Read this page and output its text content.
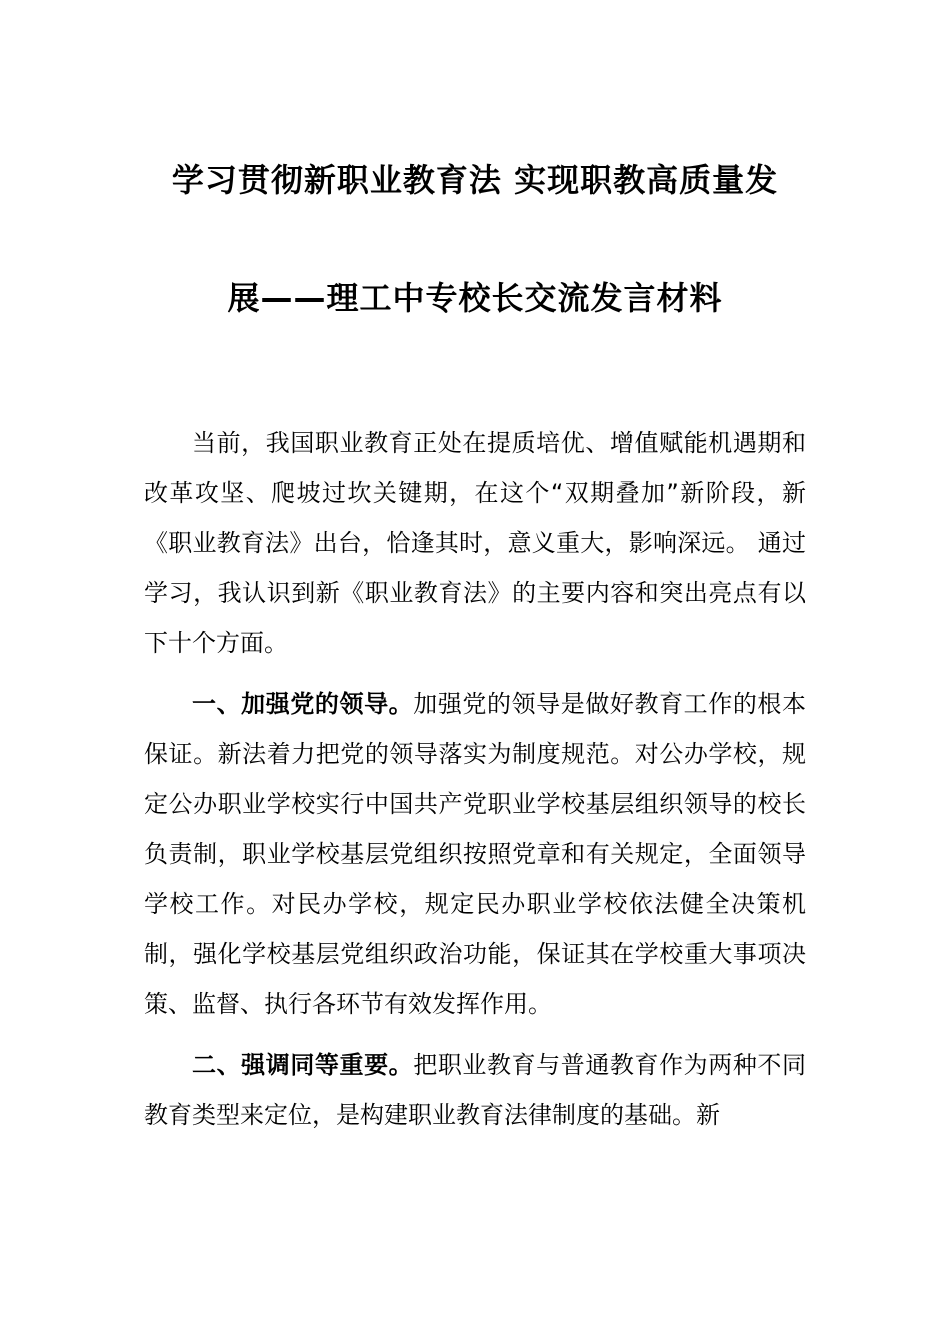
学习贯彻新职业教育法 实现职教高质量发
展——理工中专校长交流发言材料

当前，我国职业教育正处在提质培优、增值赋能机遇期和改革攻坚、爬坡过坎关键期，在这个“双期叠加”新阶段，新《职业教育法》出台，恰逢其时，意义重大，影响深远。 通过学习，我认识到新《职业教育法》的主要内容和突出亮点有以下十个方面。

一、加强党的领导。加强党的领导是做好教育工作的根本保证。新法着力把党的领导落实为制度规范。对公办学校，规定公办职业学校实行中国共产党职业学校基层组织领导的校长负责制，职业学校基层党组织按照党章和有关规定，全面领导学校工作。对民办学校，规定民办职业学校依法健全决策机制，强化学校基层党组织政治功能，保证其在学校重大事项决策、监督、执行各环节有效发挥作用。

二、强调同等重要。把职业教育与普通教育作为两种不同教育类型来定位，是构建职业教育法律制度的基础。新
